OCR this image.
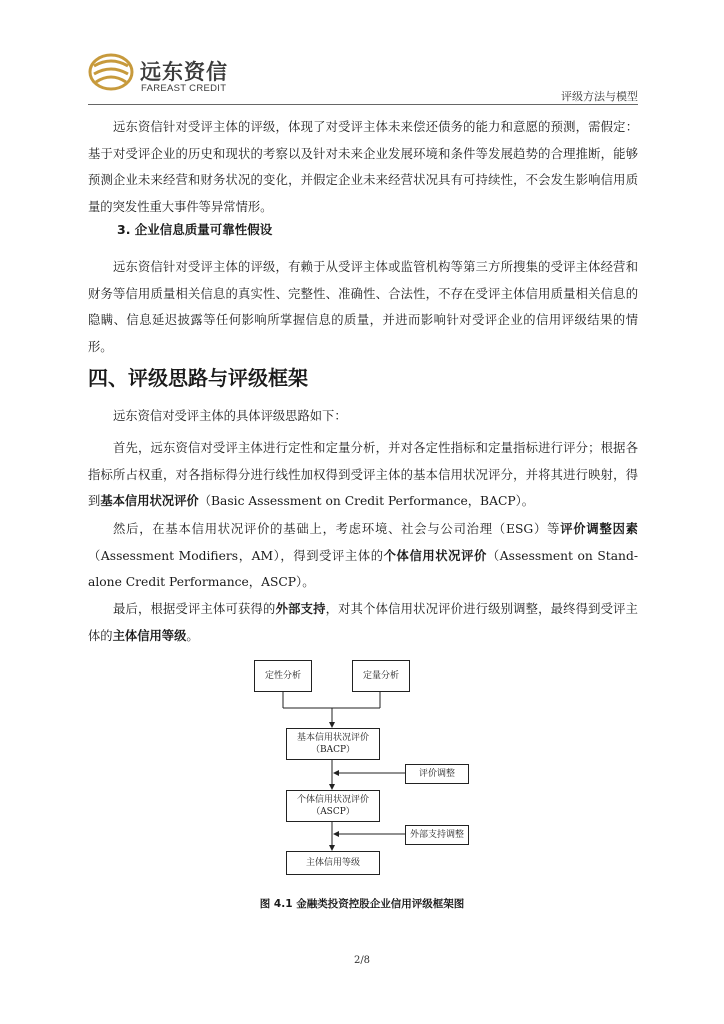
远东资信
FAREAST CREDIT
评级方法与模型

远东资信针对受评主体的评级，体现了对受评主体未来偿还债务的能力和意愿的预测，需假定：基于对受评企业的历史和现状的考察以及针对未来企业发展环境和条件等发展趋势的合理推断，能够预测企业未来经营和财务状况的变化，并假定企业未来经营状况具有可持续性，不会发生影响信用质量的突发性重大事件等异常情形。

3. 企业信息质量可靠性假设

远东资信针对受评主体的评级，有赖于从受评主体或监管机构等第三方所搜集的受评主体经营和财务等信用质量相关信息的真实性、完整性、准确性、合法性，不存在受评主体信用质量相关信息的隐瞒、信息延迟披露等任何影响所掌握信息的质量，并进而影响针对受评企业的信用评级结果的情形。

四、评级思路与评级框架

远东资信对受评主体的具体评级思路如下：

首先，远东资信对受评主体进行定性和定量分析，并对各定性指标和定量指标进行评分；根据各指标所占权重，对各指标得分进行线性加权得到受评主体的基本信用状况评分，并将其进行映射，得到基本信用状况评价（Basic Assessment on Credit Performance，BACP）。

然后，在基本信用状况评价的基础上，考虑环境、社会与公司治理（ESG）等评价调整因素（Assessment Modifiers，AM），得到受评主体的个体信用状况评价（Assessment on Stand-alone Credit Performance，ASCP）。

最后，根据受评主体可获得的外部支持，对其个体信用状况评价进行级别调整，最终得到受评主体的主体信用等级。

定性分析	定量分析
基本信用状况评价
（BACP）
评价调整
个体信用状况评价
（ASCP）
外部支持调整
主体信用等级
图 4.1 金融类投资控股企业信用评级框架图
2/8
